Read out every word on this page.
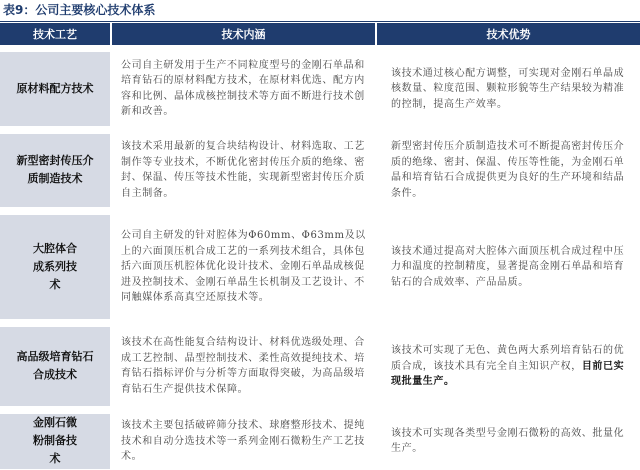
表9：公司主要核心技术体系
技术工艺	技术内涵	技术优势

原材料配方技术	公司自主研发用于生产不同粒度型号的金刚石单晶和培育钻石的原材料配方技术，在原材料优选、配方内容和比例、晶体成核控制技术等方面不断进行技术创新和改善。	该技术通过核心配方调整，可实现对金刚石单晶成核数量、粒度范围、颗粒形貌等生产结果较为精准的控制，提高生产效率。

新型密封传压介质制造技术	该技术采用最新的复合块结构设计、材料选取、工艺制作等专业技术，不断优化密封传压介质的绝缘、密封、保温、传压等技术性能，实现新型密封传压介质自主制备。	新型密封传压介质制造技术可不断提高密封传压介质的绝缘、密封、保温、传压等性能，为金刚石单晶和培育钻石合成提供更为良好的生产环境和结晶条件。

大腔体合成系列技术	公司自主研发的针对腔体为Φ60mm、Φ63mm及以上的六面顶压机合成工艺的一系列技术组合，具体包括六面顶压机腔体优化设计技术、金刚石单晶成核促进及控制技术、金刚石单晶生长机制及工艺设计、不同触媒体系高真空还原技术等。	该技术通过提高对大腔体六面顶压机合成过程中压力和温度的控制精度，显著提高金刚石单晶和培育钻石的合成效率、产品品质。

高品级培育钻石合成技术	该技术在高性能复合结构设计、材料优选级处理、合成工艺控制、晶型控制技术、柔性高效提纯技术、培育钻石指标评价与分析等方面取得突破，为高品级培育钻石生产提供技术保障。	该技术可实现了无色、黄色两大系列培育钻石的优质合成，该技术具有完全自主知识产权，目前已实现批量生产。

金刚石微粉制备技术	该技术主要包括破碎筛分技术、球磨整形技术、提纯技术和自动分选技术等一系列金刚石微粉生产工艺技术。	该技术可实现各类型号金刚石微粉的高效、批量化生产。
